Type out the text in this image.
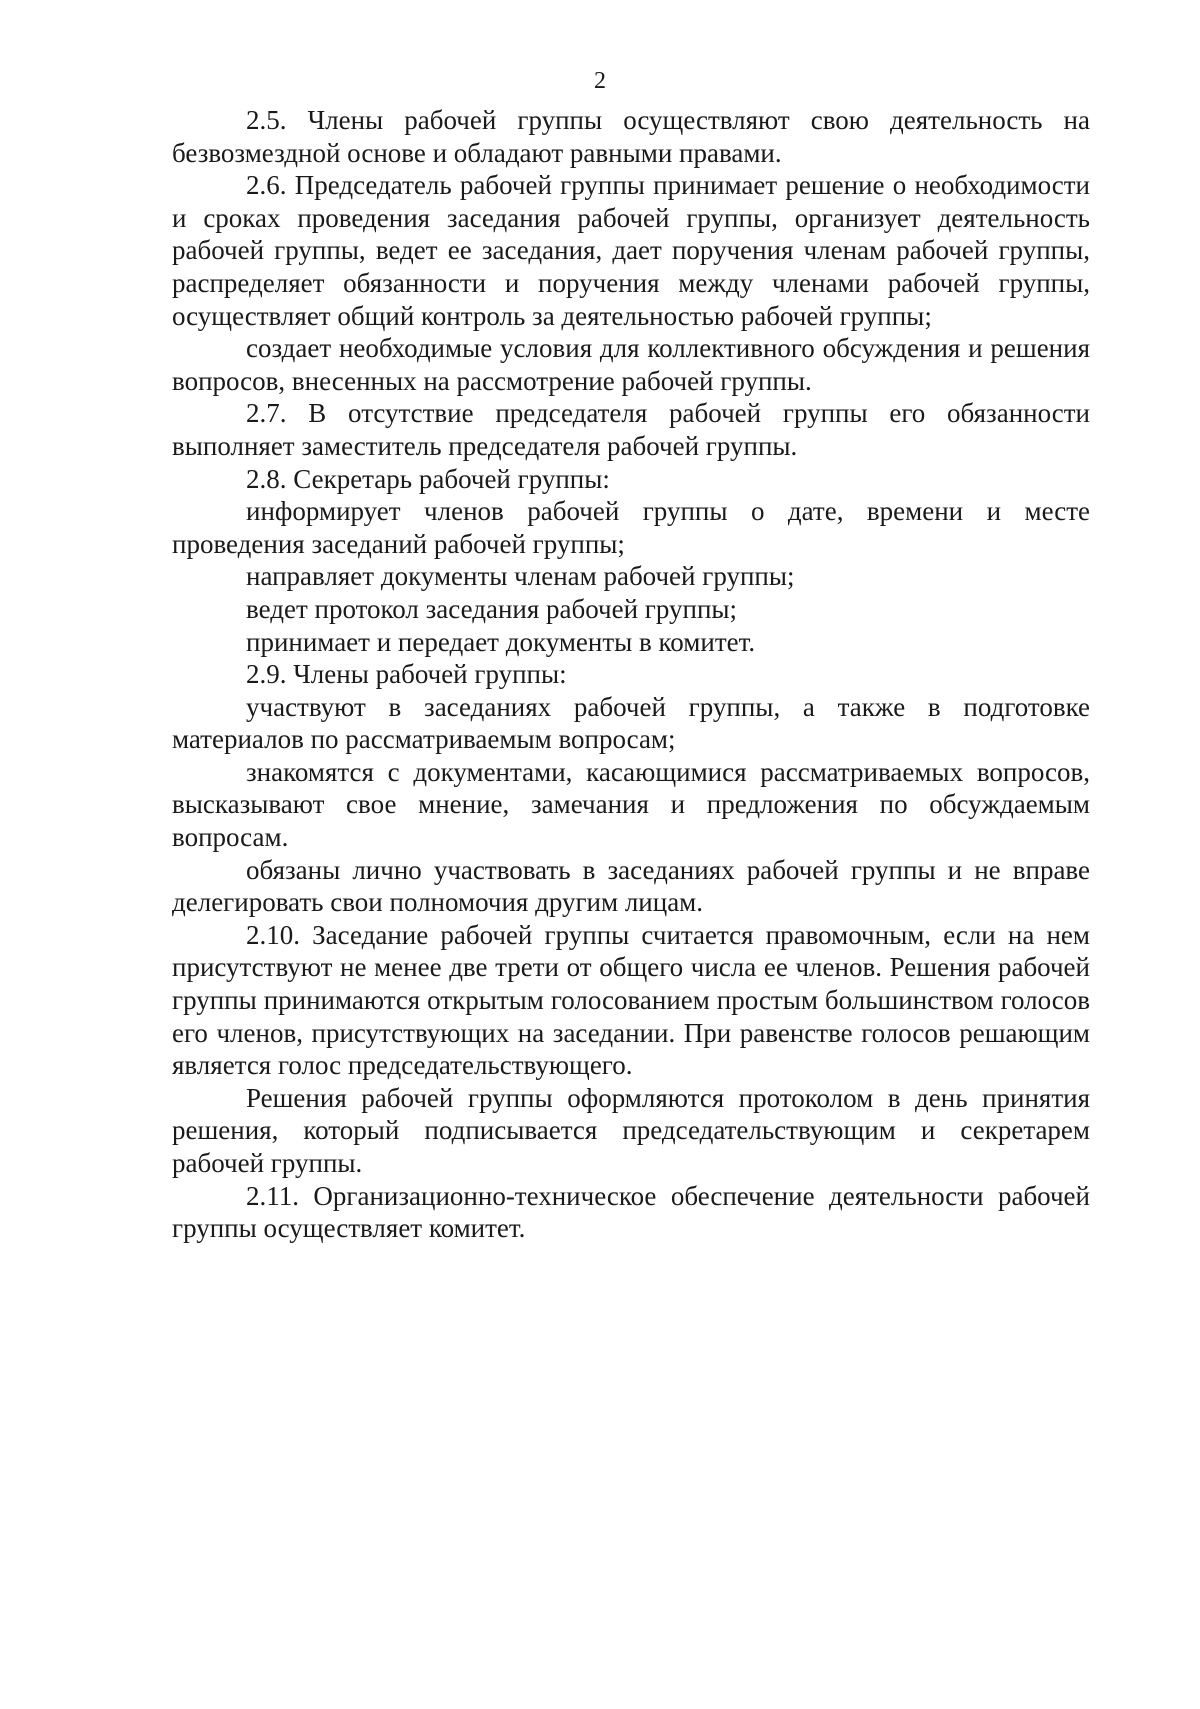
2

2.5. Члены рабочей группы осуществляют свою деятельность на безвозмездной основе и обладают равными правами.

2.6. Председатель рабочей группы принимает решение о необходимости и сроках проведения заседания рабочей группы, организует деятельность рабочей группы, ведет ее заседания, дает поручения членам рабочей группы, распределяет обязанности и поручения между членами рабочей группы, осуществляет общий контроль за деятельностью рабочей группы;

создает необходимые условия для коллективного обсуждения и решения вопросов, внесенных на рассмотрение рабочей группы.

2.7. В отсутствие председателя рабочей группы его обязанности выполняет заместитель председателя рабочей группы.

2.8. Секретарь рабочей группы:

информирует членов рабочей группы о дате, времени и месте проведения заседаний рабочей группы;

направляет документы членам рабочей группы;

ведет протокол заседания рабочей группы;

принимает и передает документы в комитет.

2.9. Члены рабочей группы:

участвуют в заседаниях рабочей группы, а также в подготовке материалов по рассматриваемым вопросам;

знакомятся с документами, касающимися рассматриваемых вопросов, высказывают свое мнение, замечания и предложения по обсуждаемым вопросам.

обязаны лично участвовать в заседаниях рабочей группы и не вправе делегировать свои полномочия другим лицам.

2.10. Заседание рабочей группы считается правомочным, если на нем присутствуют не менее две трети от общего числа ее членов. Решения рабочей группы принимаются открытым голосованием простым большинством голосов его членов, присутствующих на заседании. При равенстве голосов решающим является голос председательствующего.

Решения рабочей группы оформляются протоколом в день принятия решения, который подписывается председательствующим и секретарем рабочей группы.

2.11. Организационно-техническое обеспечение деятельности рабочей группы осуществляет комитет.
